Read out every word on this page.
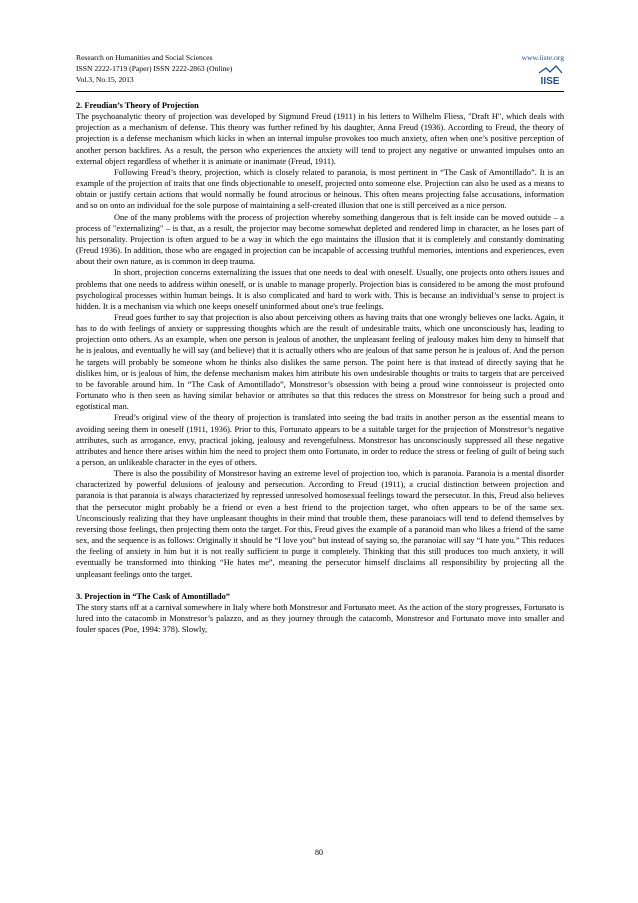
Research on Humanities and Social Sciences
ISSN 2222-1719 (Paper) ISSN 2222-2863 (Online)
Vol.3, No.15, 2013
www.iiste.org
IISE
2. Freudian’s Theory of Projection

The psychoanalytic theory of projection was developed by Sigmund Freud (1911) in his letters to Wilhelm Fliess, "Draft H", which deals with projection as a mechanism of defense. This theory was further refined by his daughter, Anna Freud (1936). According to Freud, the theory of projection is a defense mechanism which kicks in when an internal impulse provokes too much anxiety, often when one’s positive perception of another person backfires. As a result, the person who experiences the anxiety will tend to project any negative or unwanted impulses onto an external object regardless of whether it is animate or inanimate (Freud, 1911).

Following Freud’s theory, projection, which is closely related to paranoia, is most pertinent in “The Cask of Amontillado”. It is an example of the projection of traits that one finds objectionable to oneself, projected onto someone else. Projection can also be used as a means to obtain or justify certain actions that would normally be found atrocious or heinous. This often means projecting false accusations, information and so on onto an individual for the sole purpose of maintaining a self-created illusion that one is still perceived as a nice person.

One of the many problems with the process of projection whereby something dangerous that is felt inside can be moved outside – a process of "externalizing" – is that, as a result, the projector may become somewhat depleted and rendered limp in character, as he loses part of his personality. Projection is often argued to be a way in which the ego maintains the illusion that it is completely and constantly dominating (Freud 1936). In addition, those who are engaged in projection can be incapable of accessing truthful memories, intentions and experiences, even about their own nature, as is common in deep trauma.

In short, projection concerns externalizing the issues that one needs to deal with oneself. Usually, one projects onto others issues and problems that one needs to address within oneself, or is unable to manage properly. Projection bias is considered to be among the most profound psychological processes within human beings. It is also complicated and hard to work with. This is because an individual’s sense to project is hidden. It is a mechanism via which one keeps oneself uninformed about one's true feelings.

Freud goes further to say that projection is also about perceiving others as having traits that one wrongly believes one lacks. Again, it has to do with feelings of anxiety or suppressing thoughts which are the result of undesirable traits, which one unconsciously has, leading to projection onto others. As an example, when one person is jealous of another, the unpleasant feeling of jealousy makes him deny to himself that he is jealous, and eventually he will say (and believe) that it is actually others who are jealous of that same person he is jealous of. And the person he targets will probably be someone whom he thinks also dislikes the same person. The point here is that instead of directly saying that he dislikes him, or is jealous of him, the defense mechanism makes him attribute his own undesirable thoughts or traits to targets that are perceived to be favorable around him. In “The Cask of Amontillado”, Monstresor’s obsession with being a proud wine connoisseur is projected onto Fortunato who is then seen as having similar behavior or attributes so that this reduces the stress on Monstresor for being such a proud and egotistical man.

Freud’s original view of the theory of projection is translated into seeing the bad traits in another person as the essential means to avoiding seeing them in oneself (1911, 1936). Prior to this, Fortunato appears to be a suitable target for the projection of Monstresor’s negative attributes, such as arrogance, envy, practical joking, jealousy and revengefulness. Monstresor has unconsciously suppressed all these negative attributes and hence there arises within him the need to project them onto Fortunato, in order to reduce the stress or feeling of guilt of being such a person, an unlikeable character in the eyes of others.

There is also the possibility of Monstresor having an extreme level of projection too, which is paranoia. Paranoia is a mental disorder characterized by powerful delusions of jealousy and persecution. According to Freud (1911), a crucial distinction between projection and paranoia is that paranoia is always characterized by repressed unresolved homosexual feelings toward the persecutor. In this, Freud also believes that the persecutor might probably be a friend or even a best friend to the projection target, who often appears to be of the same sex. Unconsciously realizing that they have unpleasant thoughts in their mind that trouble them, these paranoiacs will tend to defend themselves by reversing those feelings, then projecting them onto the target. For this, Freud gives the example of a paranoid man who likes a friend of the same sex, and the sequence is as follows: Originally it should be “I love you” but instead of saying so, the paranoiac will say “I hate you.” This reduces the feeling of anxiety in him but it is not really sufficient to purge it completely. Thinking that this still produces too much anxiety, it will eventually be transformed into thinking “He hates me”, meaning the persecutor himself disclaims all responsibility by projecting all the unpleasant feelings onto the target.

3. Projection in “The Cask of Amontillado”

The story starts off at a carnival somewhere in Italy where both Monstresor and Fortunato meet. As the action of the story progresses, Fortunato is lured into the catacomb in Monstresor’s palazzo, and as they journey through the catacomb, Monstresor and Fortunato move into smaller and fouler spaces (Poe, 1994: 378). Slowly,

80
